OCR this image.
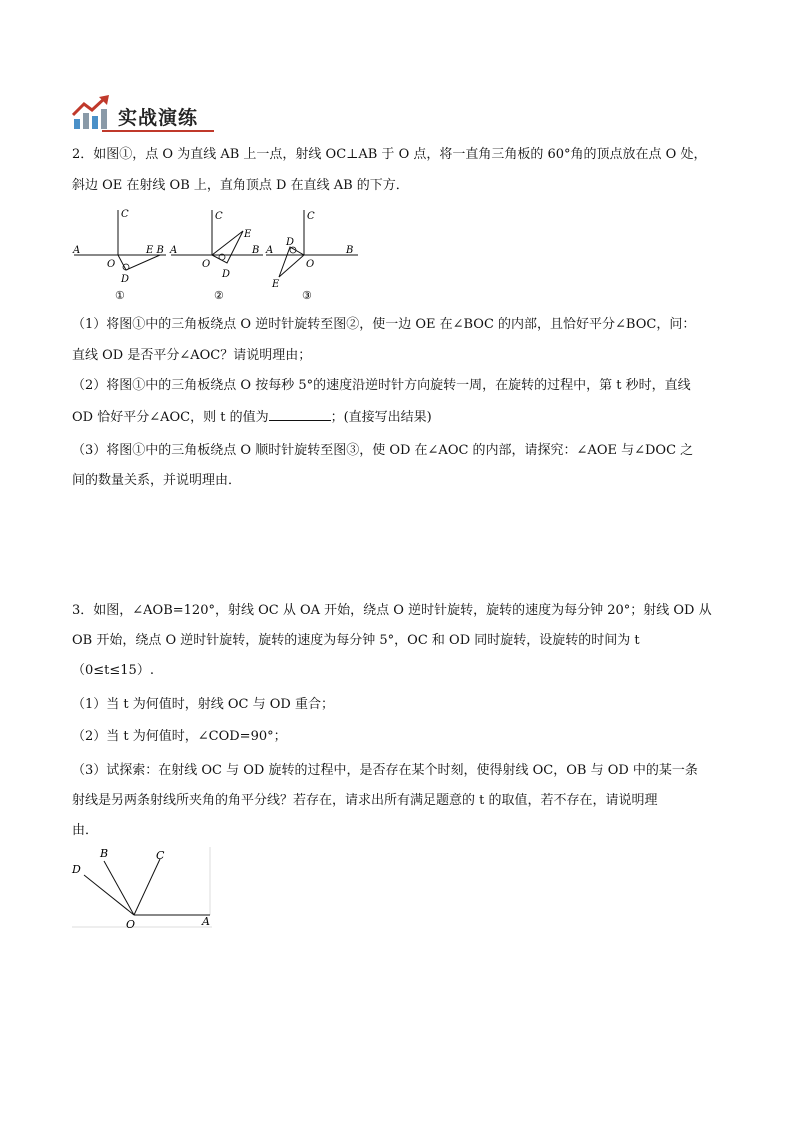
实战演练
2．如图①，点 O 为直线 AB 上一点，射线 OC⊥AB 于 O 点，将一直角三角板的 60°角的顶点放在点 O 处，
斜边 OE 在射线 OB 上，直角顶点 D 在直线 AB 的下方．
C
A	E B
O
D
①
C
A
E
B
O
D
②
C
A
D
O
B
E
③
（1）将图①中的三角板绕点 O 逆时针旋转至图②，使一边 OE 在∠BOC 的内部，且恰好平分∠BOC，问：
直线 OD 是否平分∠AOC？请说明理由；
（2）将图①中的三角板绕点 O 按每秒 5°的速度沿逆时针方向旋转一周，在旋转的过程中，第 t 秒时，直线
OD 恰好平分∠AOC，则 t 的值为	；(直接写出结果)
（3）将图①中的三角板绕点 O 顺时针旋转至图③，使 OD 在∠AOC 的内部，请探究：∠AOE 与∠DOC 之
间的数量关系，并说明理由．
3．如图，∠AOB=120°，射线 OC 从 OA 开始，绕点 O 逆时针旋转，旋转的速度为每分钟 20°；射线 OD 从
OB 开始，绕点 O 逆时针旋转，旋转的速度为每分钟 5°，OC 和 OD 同时旋转，设旋转的时间为 t
（0≤t≤15）.
（1）当 t 为何值时，射线 OC 与 OD 重合；
（2）当 t 为何值时，∠COD=90°；
（3）试探索：在射线 OC 与 OD 旋转的过程中，是否存在某个时刻，使得射线 OC，OB 与 OD 中的某一条
射线是另两条射线所夹角的角平分线？若存在，请求出所有满足题意的 t 的取值，若不存在，请说明理
由．
D
B	C
O	A
